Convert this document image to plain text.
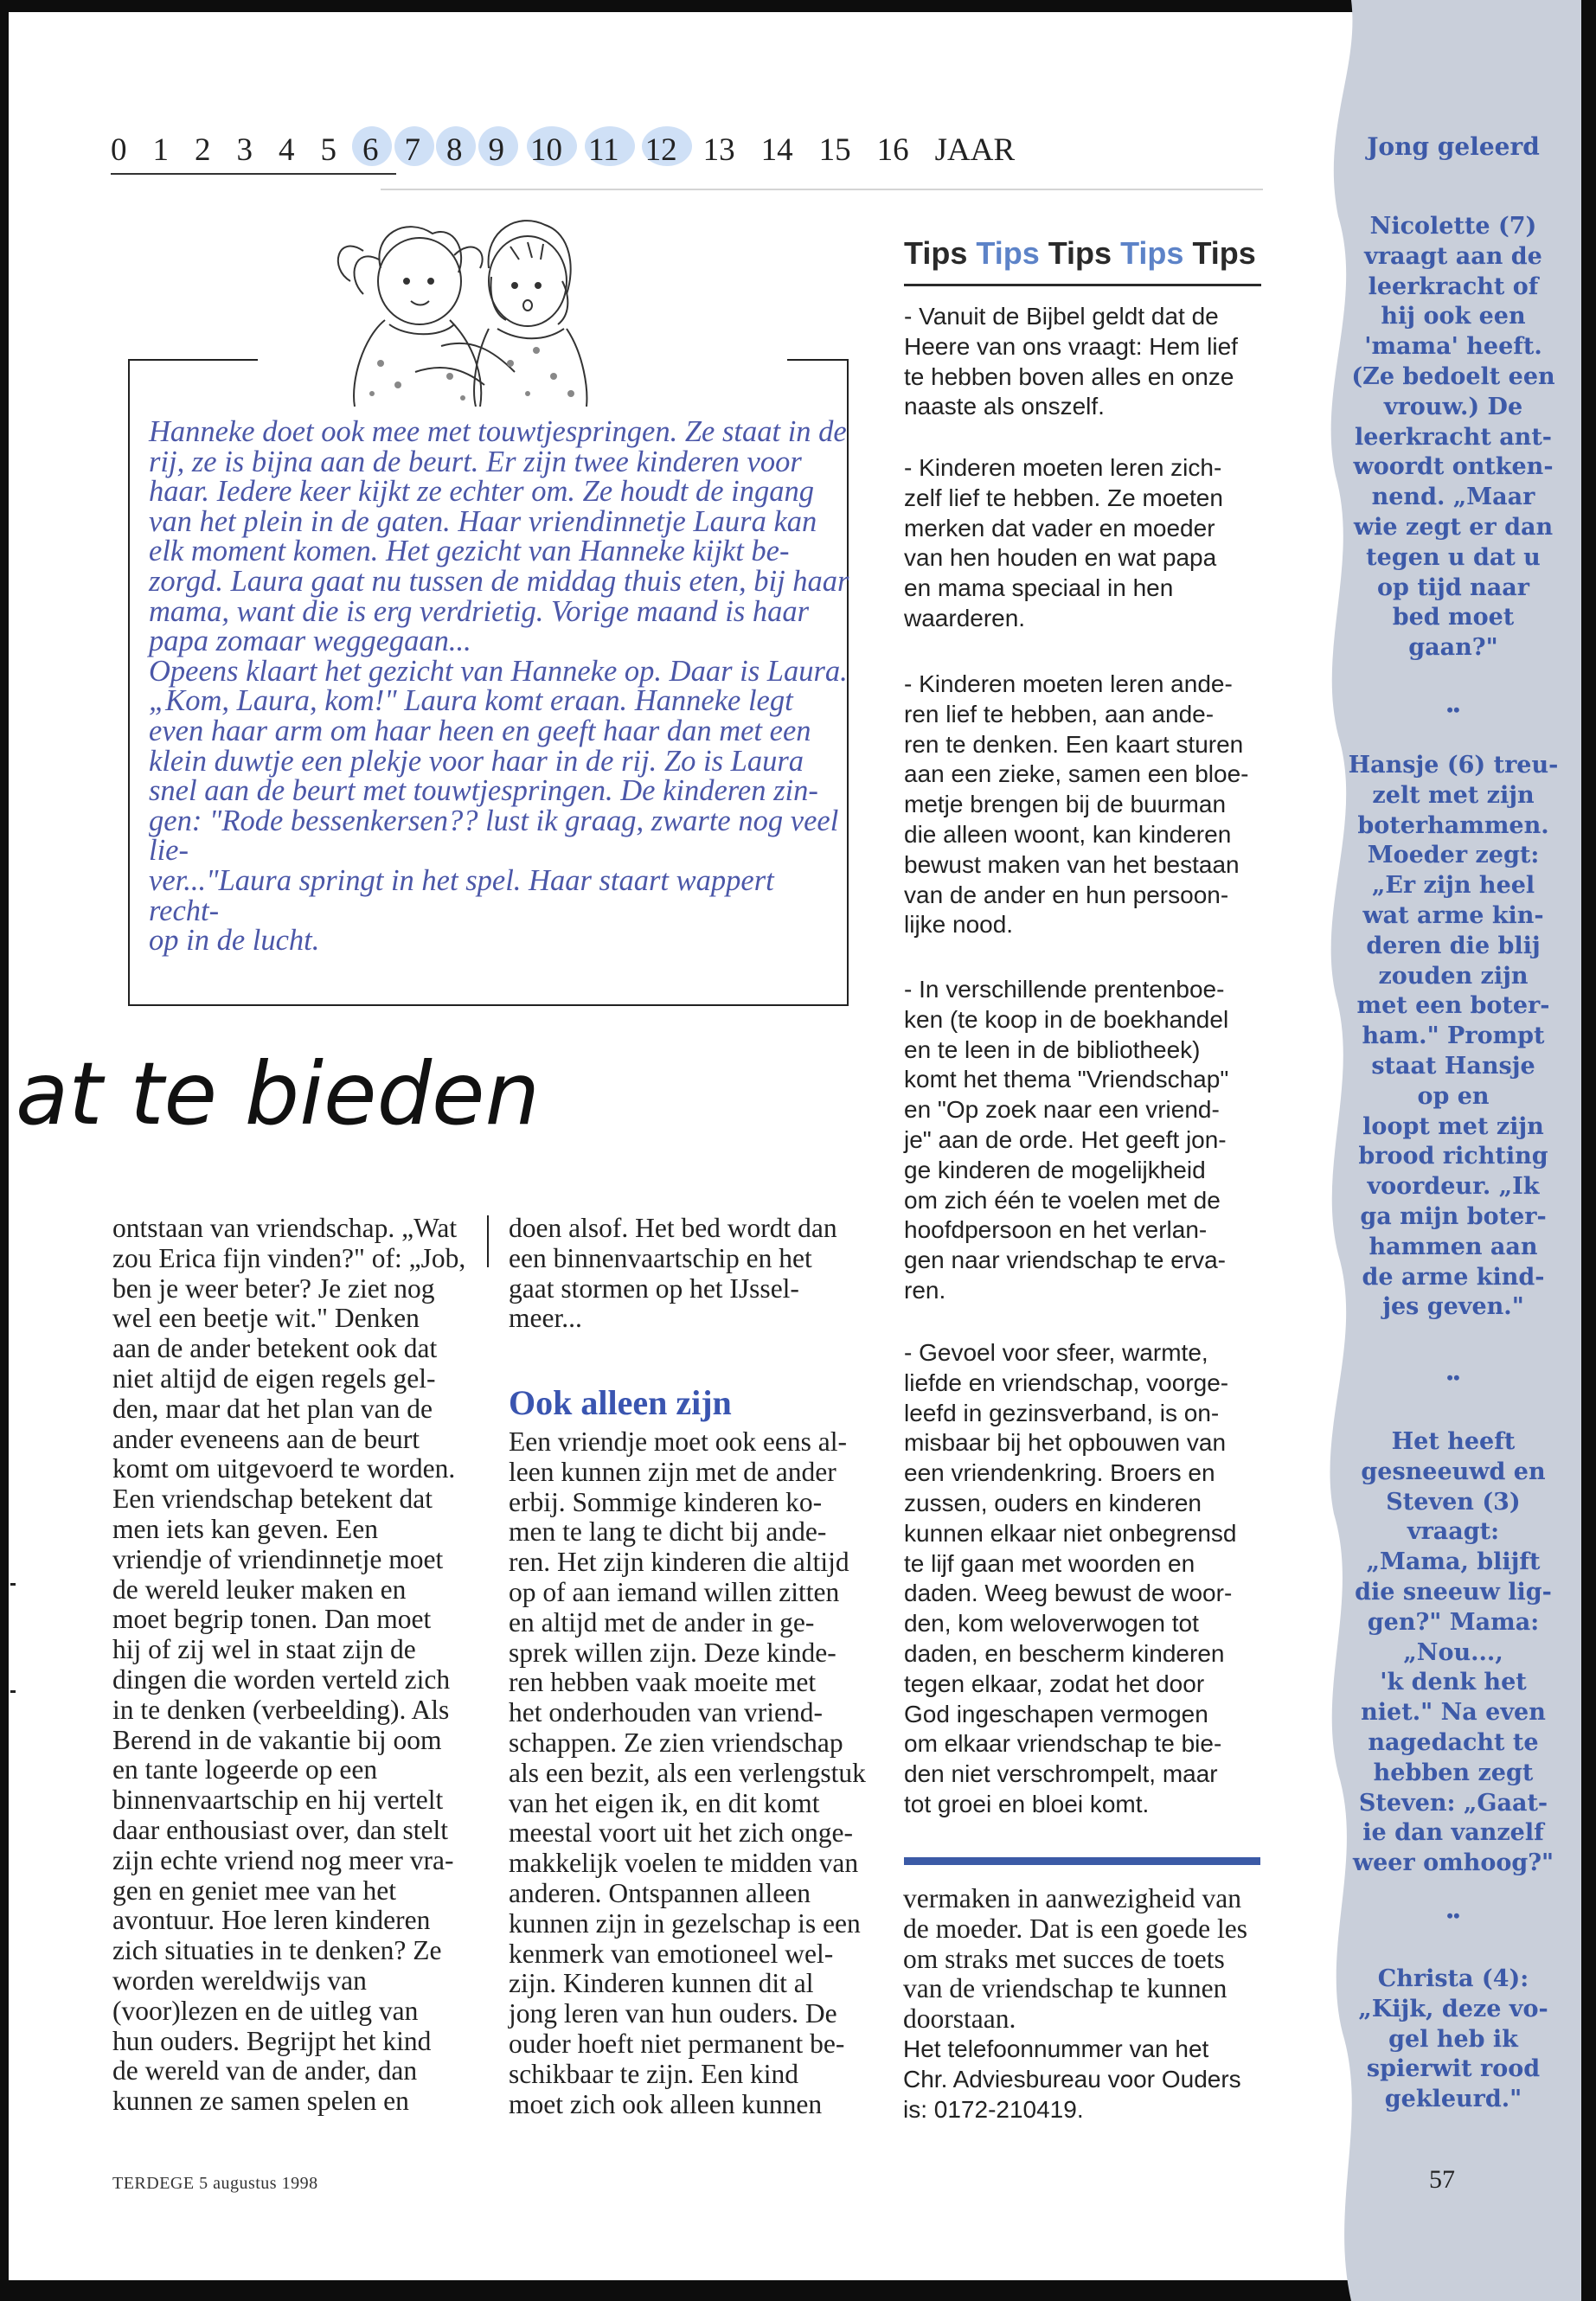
0 1 2 3 4 5 6 7 8 9 10 11 12 13 14 15 16 JAAR

Hanneke doet ook mee met touwtjespringen. Ze staat in de
rij, ze is bijna aan de beurt. Er zijn twee kinderen voor
haar. Iedere keer kijkt ze echter om. Ze houdt de ingang
van het plein in de gaten. Haar vriendinnetje Laura kan
elk moment komen. Het gezicht van Hanneke kijkt be-
zorgd. Laura gaat nu tussen de middag thuis eten, bij haar
mama, want die is erg verdrietig. Vorige maand is haar
papa zomaar weggegaan...
Opeens klaart het gezicht van Hanneke op. Daar is Laura.
„Kom, Laura, kom!" Laura komt eraan. Hanneke legt
even haar arm om haar heen en geeft haar dan met een
klein duwtje een plekje voor haar in de rij. Zo is Laura
snel aan de beurt met touwtjespringen. De kinderen zin-
gen: "Rode bessenkersen?? lust ik graag, zwarte nog veel lie-
ver..."Laura springt in het spel. Haar staart wappert recht-
op in de lucht.

at te bieden

ontstaan van vriendschap. „Wat
zou Erica fijn vinden?" of: „Job,
ben je weer beter? Je ziet nog
wel een beetje wit." Denken
aan de ander betekent ook dat
niet altijd de eigen regels gel-
den, maar dat het plan van de
ander eveneens aan de beurt
komt om uitgevoerd te worden.
Een vriendschap betekent dat
men iets kan geven. Een
vriendje of vriendinnetje moet
de wereld leuker maken en
moet begrip tonen. Dan moet
hij of zij wel in staat zijn de
dingen die worden verteld zich
in te denken (verbeelding). Als
Berend in de vakantie bij oom
en tante logeerde op een
binnenvaartschip en hij vertelt
daar enthousiast over, dan stelt
zijn echte vriend nog meer vra-
gen en geniet mee van het
avontuur. Hoe leren kinderen
zich situaties in te denken? Ze
worden wereldwijs van
(voor)lezen en de uitleg van
hun ouders. Begrijpt het kind
de wereld van de ander, dan
kunnen ze samen spelen en

doen alsof. Het bed wordt dan
een binnenvaartschip en het
gaat stormen op het IJssel-
meer...

Ook alleen zijn

Een vriendje moet ook eens al-
leen kunnen zijn met de ander
erbij. Sommige kinderen ko-
men te lang te dicht bij ande-
ren. Het zijn kinderen die altijd
op of aan iemand willen zitten
en altijd met de ander in ge-
sprek willen zijn. Deze kinde-
ren hebben vaak moeite met
het onderhouden van vriend-
schappen. Ze zien vriendschap
als een bezit, als een verlengstuk
van het eigen ik, en dit komt
meestal voort uit het zich onge-
makkelijk voelen te midden van
anderen. Ontspannen alleen
kunnen zijn in gezelschap is een
kenmerk van emotioneel wel-
zijn. Kinderen kunnen dit al
jong leren van hun ouders. De
ouder hoeft niet permanent be-
schikbaar te zijn. Een kind
moet zich ook alleen kunnen

vermaken in aanwezigheid van
de moeder. Dat is een goede les
om straks met succes de toets
van de vriendschap te kunnen
doorstaan.

Het telefoonnummer van het
Chr. Adviesbureau voor Ouders
is: 0172-210419.

Tips Tips Tips Tips Tips

- Vanuit de Bijbel geldt dat de
Heere van ons vraagt: Hem lief
te hebben boven alles en onze
naaste als onszelf.

- Kinderen moeten leren zich-
zelf lief te hebben. Ze moeten
merken dat vader en moeder
van hen houden en wat papa
en mama speciaal in hen
waarderen.

- Kinderen moeten leren ande-
ren lief te hebben, aan ande-
ren te denken. Een kaart sturen
aan een zieke, samen een bloe-
metje brengen bij de buurman
die alleen woont, kan kinderen
bewust maken van het bestaan
van de ander en hun persoon-
lijke nood.

- In verschillende prentenboe-
ken (te koop in de boekhandel
en te leen in de bibliotheek)
komt het thema "Vriendschap"
en "Op zoek naar een vriend-
je" aan de orde. Het geeft jon-
ge kinderen de mogelijkheid
om zich één te voelen met de
hoofdpersoon en het verlan-
gen naar vriendschap te erva-
ren.

- Gevoel voor sfeer, warmte,
liefde en vriendschap, voorge-
leefd in gezinsverband, is on-
misbaar bij het opbouwen van
een vriendenkring. Broers en
zussen, ouders en kinderen
kunnen elkaar niet onbegrensd
te lijf gaan met woorden en
daden. Weeg bewust de woor-
den, kom weloverwogen tot
daden, en bescherm kinderen
tegen elkaar, zodat het door
God ingeschapen vermogen
om elkaar vriendschap te bie-
den niet verschrompelt, maar
tot groei en bloei komt.

Jong geleerd

Nicolette (7)
vraagt aan de
leerkracht of
hij ook een
'mama' heeft.
(Ze bedoelt een
vrouw.) De
leerkracht ant-
woordt ontken-
nend. „Maar
wie zegt er dan
tegen u dat u
op tijd naar
bed moet
gaan?"

••

Hansje (6) treu-
zelt met zijn
boterhammen.
Moeder zegt:
„Er zijn heel
wat arme kin-
deren die blij
zouden zijn
met een boter-
ham." Prompt
staat Hansje
op en
loopt met zijn
brood richting
voordeur. „Ik
ga mijn boter-
hammen aan
de arme kind-
jes geven."

••

Het heeft
gesneeuwd en
Steven (3)
vraagt:
„Mama, blijft
die sneeuw lig-
gen?" Mama:
„Nou...,
'k denk het
niet." Na even
nagedacht te
hebben zegt
Steven: „Gaat-
ie dan vanzelf
weer omhoog?"

••

Christa (4):
„Kijk, deze vo-
gel heb ik
spierwit rood
gekleurd."

TERDEGE 5 augustus 1998	57
